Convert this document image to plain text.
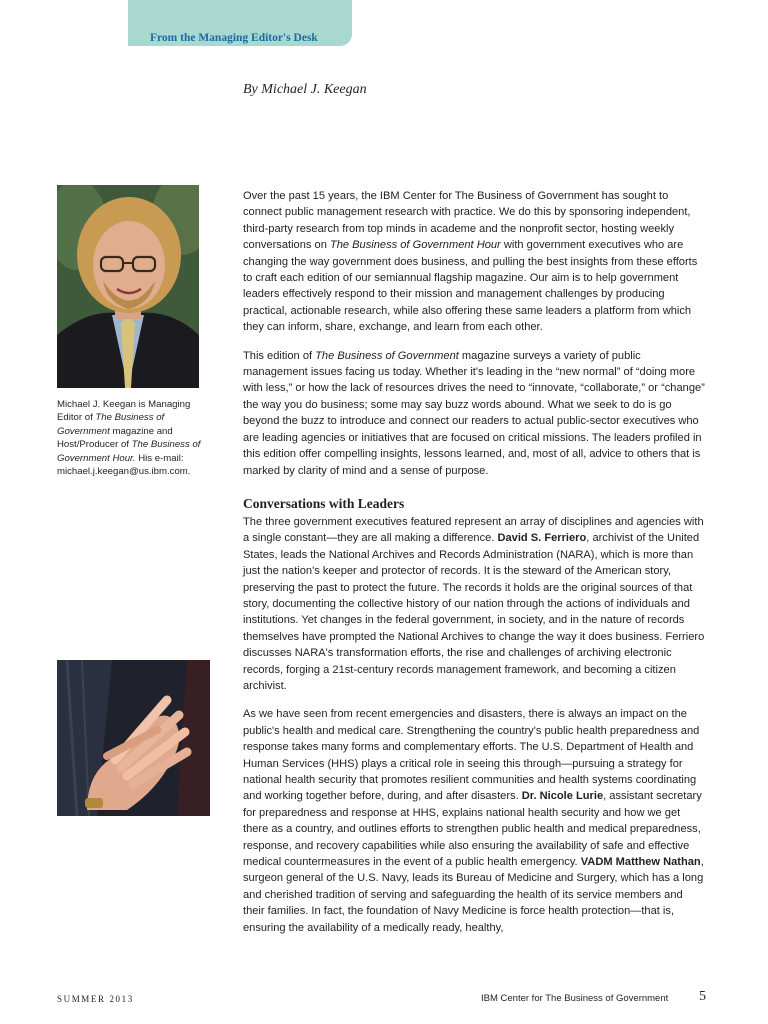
From the Managing Editor's Desk
By Michael J. Keegan
Michael J. Keegan is Managing Editor of The Business of Government magazine and Host/Producer of The Business of Government Hour. His e-mail: michael.j.keegan@us.ibm.com.

Over the past 15 years, the IBM Center for The Business of Government has sought to connect public management research with practice. We do this by sponsoring independent, third-party research from top minds in academe and the nonprofit sector, hosting weekly conversations on The Business of Government Hour with government executives who are changing the way government does business, and pulling the best insights from these efforts to craft each edition of our semiannual flagship magazine. Our aim is to help government leaders effectively respond to their mission and management challenges by producing practical, actionable research, while also offering these same leaders a platform from which they can inform, share, exchange, and learn from each other.

This edition of The Business of Government magazine surveys a variety of public management issues facing us today. Whether it's leading in the “new normal” of “doing more with less,” or how the lack of resources drives the need to “innovate, “collaborate,” or “change” the way you do business; some may say buzz words abound. What we seek to do is go beyond the buzz to introduce and connect our readers to actual public-sector executives who are leading agencies or initiatives that are focused on critical missions. The leaders profiled in this edition offer compelling insights, lessons learned, and, most of all, advice to others that is marked by clarity of mind and a sense of purpose.

Conversations with Leaders

The three government executives featured represent an array of disciplines and agencies with a single constant—they are all making a difference. David S. Ferriero, archivist of the United States, leads the National Archives and Records Administration (NARA), which is more than just the nation's keeper and protector of records. It is the steward of the American story, preserving the past to protect the future. The records it holds are the original sources of that story, documenting the collective history of our nation through the actions of individuals and institutions. Yet changes in the federal government, in society, and in the nature of records themselves have prompted the National Archives to change the way it does business. Ferriero discusses NARA's transformation efforts, the rise and challenges of archiving electronic records, forging a 21st-century records management framework, and becoming a citizen archivist.

As we have seen from recent emergencies and disasters, there is always an impact on the public's health and medical care. Strengthening the country's public health preparedness and response takes many forms and complementary efforts. The U.S. Department of Health and Human Services (HHS) plays a critical role in seeing this through—pursuing a strategy for national health security that promotes resilient communities and health systems coordinating and working together before, during, and after disasters. Dr. Nicole Lurie, assistant secretary for preparedness and response at HHS, explains national health security and how we get there as a country, and outlines efforts to strengthen public health and medical preparedness, response, and recovery capabilities while also ensuring the availability of safe and effective medical countermeasures in the event of a public health emergency. VADM Matthew Nathan, surgeon general of the U.S. Navy, leads its Bureau of Medicine and Surgery, which has a long and cherished tradition of serving and safeguarding the health of its service members and their families. In fact, the foundation of Navy Medicine is force health protection—that is, ensuring the availability of a medically ready, healthy,

SUMMER 2013	IBM Center for The Business of Government 5
